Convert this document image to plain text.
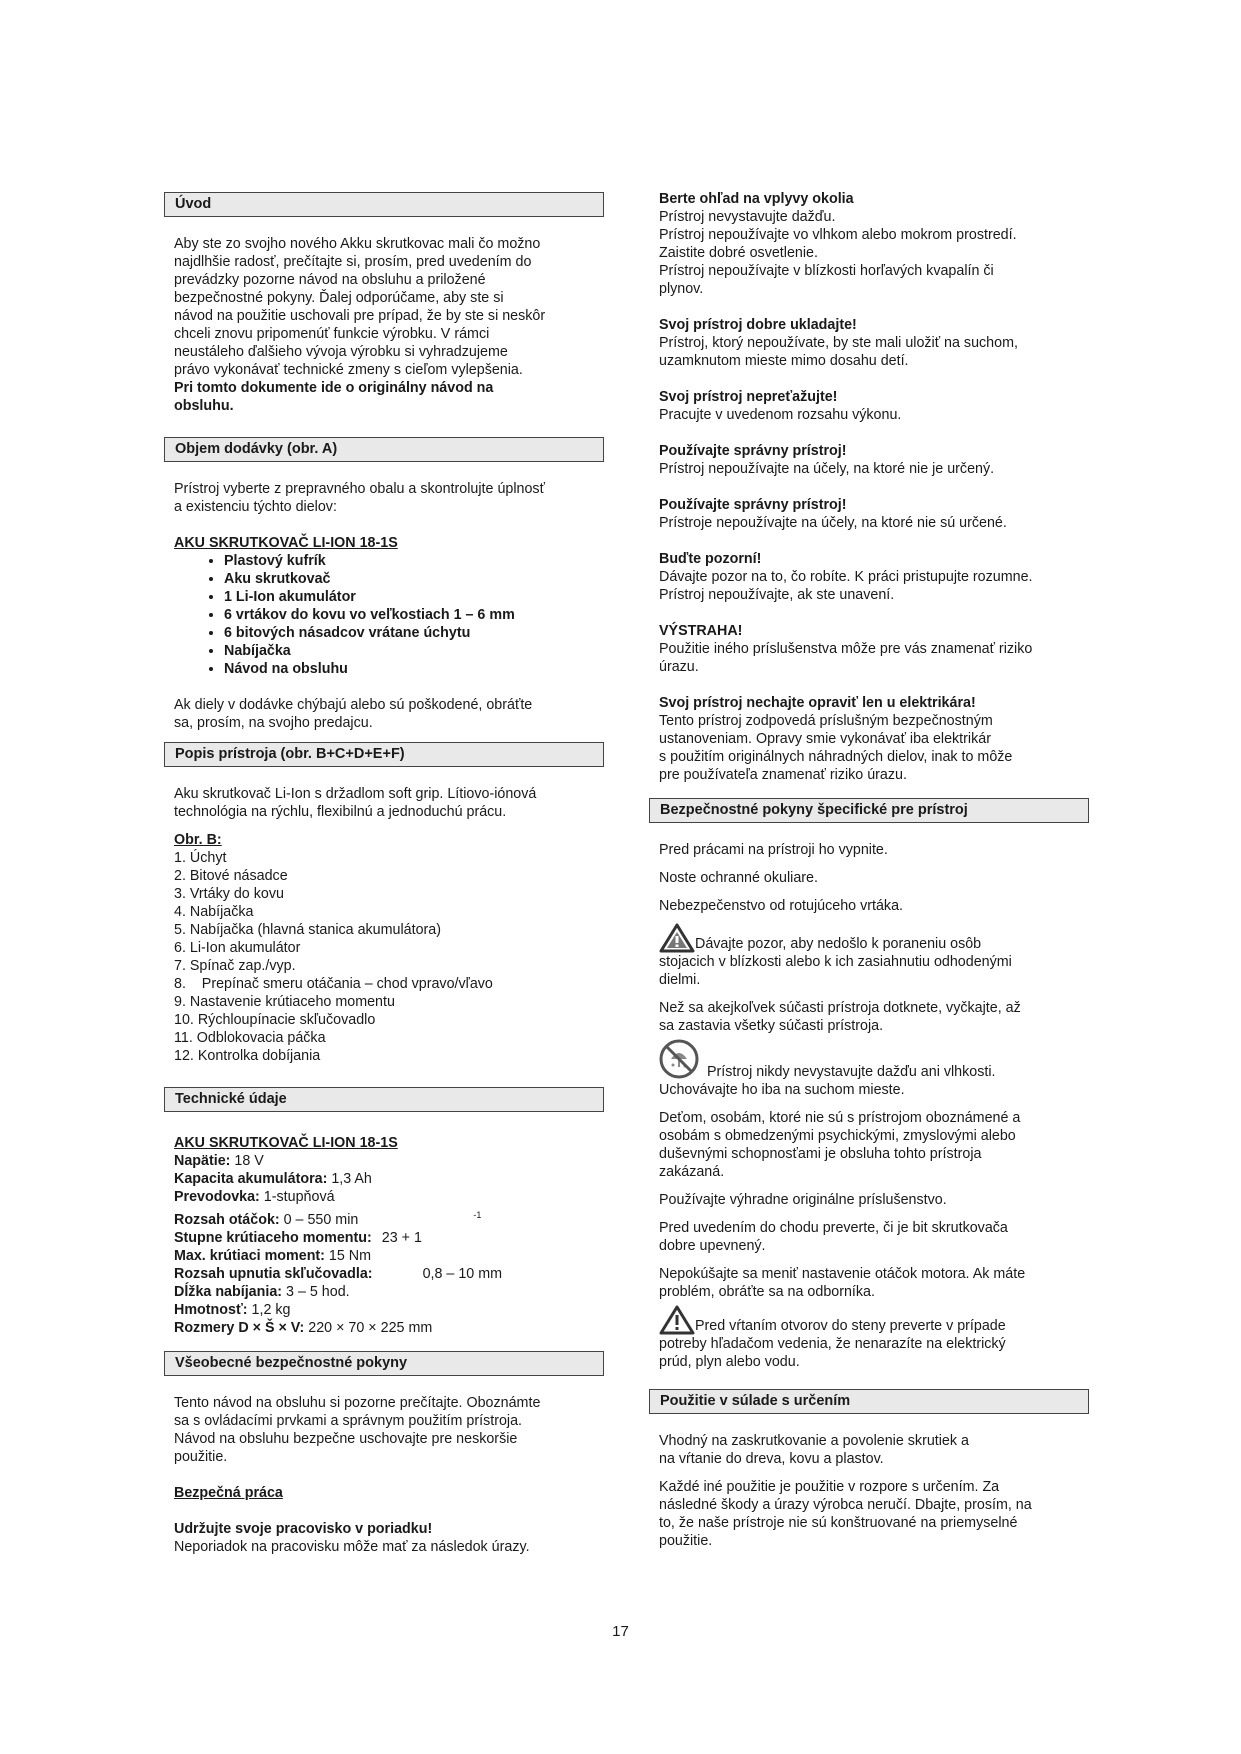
Úvod
Aby ste zo svojho nového Akku skrutkovac mali čo možno
najdlhšie radosť, prečítajte si, prosím, pred uvedením do
prevádzky pozorne návod na obsluhu a priložené
bezpečnostné pokyny. Ďalej odporúčame, aby ste si
návod na použitie uschovali pre prípad, že by ste si neskôr
chceli znovu pripomenúť funkcie výrobku. V rámci
neustáleho ďalšieho vývoja výrobku si vyhradzujeme
právo vykonávať technické zmeny s cieľom vylepšenia.
Pri tomto dokumente ide o originálny návod na
obsluhu.
Objem dodávky (obr. A)
Prístroj vyberte z prepravného obalu a skontrolujte úplnosť
a existenciu týchto dielov:
AKU SKRUTKOVAČ LI-ION 18-1S
• Plastový kufrík
• Aku skrutkovač
• 1 Li-Ion akumulátor
• 6 vrtákov do kovu vo veľkostiach 1 – 6 mm
• 6 bitových násadcov vrátane úchytu
• Nabíjačka
• Návod na obsluhu
Ak diely v dodávke chýbajú alebo sú poškodené, obráťte
sa, prosím, na svojho predajcu.
Popis prístroja (obr. B+C+D+E+F)
Aku skrutkovač Li-Ion s držadlom soft grip. Lítiovo-iónová
technológia na rýchlu, flexibilnú a jednoduchú prácu.
Obr. B:
1. Úchyt
2. Bitové násadce
3. Vrtáky do kovu
4. Nabíjačka
5. Nabíjačka (hlavná stanica akumulátora)
6. Li-Ion akumulátor
7. Spínač zap./vyp.
8.    Prepínač smeru otáčania – chod vpravo/vľavo
9. Nastavenie krútiaceho momentu
10. Rýchloupínacie skľučovadlo
11. Odblokovacia páčka
12. Kontrolka dobíjania
Technické údaje
AKU SKRUTKOVAČ LI-ION 18-1S
Napätie: 18 V
Kapacita akumulátora: 1,3 Ah
Prevodovka: 1-stupňová
Rozsah otáčok: 0 – 550 min	$^{-1}$
Stupne krútiaceho momentu: 23 + 1
Max. krútiaci moment: 15 Nm
Rozsah upnutia skľučovadla:	0,8 – 10 mm
Dĺžka nabíjania: 3 – 5 hod.
Hmotnosť: 1,2 kg
Rozmery D × Š × V: 220 × 70 × 225 mm
Všeobecné bezpečnostné pokyny
Tento návod na obsluhu si pozorne prečítajte. Oboznámte
sa s ovládacími prvkami a správnym použitím prístroja.
Návod na obsluhu bezpečne uschovajte pre neskoršie
použitie.
Bezpečná práca
Udržujte svoje pracovisko v poriadku!
Neporiadok na pracovisku môže mať za následok úrazy.
Berte ohľad na vplyvy okolia
Prístroj nevystavujte dažďu.
Prístroj nepoužívajte vo vlhkom alebo mokrom prostredí.
Zaistite dobré osvetlenie.
Prístroj nepoužívajte v blízkosti horľavých kvapalín či
plynov.
Svoj prístroj dobre ukladajte!
Prístroj, ktorý nepoužívate, by ste mali uložiť na suchom,
uzamknutom mieste mimo dosahu detí.
Svoj prístroj nepreťažujte!
Pracujte v uvedenom rozsahu výkonu.
Používajte správny prístroj!
Prístroj nepoužívajte na účely, na ktoré nie je určený.
Používajte správny prístroj!
Prístroje nepoužívajte na účely, na ktoré nie sú určené.
Buďte pozorní!
Dávajte pozor na to, čo robíte. K práci pristupujte rozumne.
Prístroj nepoužívajte, ak ste unavení.
VÝSTRAHA!
Použitie iného príslušenstva môže pre vás znamenať riziko
úrazu.
Svoj prístroj nechajte opraviť len u elektrikára!
Tento prístroj zodpovedá príslušným bezpečnostným
ustanoveniam. Opravy smie vykonávať iba elektrikár
s použitím originálnych náhradných dielov, inak to môže
pre používateľa znamenať riziko úrazu.
Bezpečnostné pokyny špecifické pre prístroj
Pred prácami na prístroji ho vypnite.
Noste ochranné okuliare.
Nebezpečenstvo od rotujúceho vrtáka.
Dávajte pozor, aby nedošlo k poraneniu osôb
stojacich v blízkosti alebo k ich zasiahnutiu odhodenými
dielmi.
Než sa akejkoľvek súčasti prístroja dotknete, vyčkajte, až
sa zastavia všetky súčasti prístroja.
Prístroj nikdy nevystavujte dažďu ani vlhkosti.
Uchovávajte ho iba na suchom mieste.
Deťom, osobám, ktoré nie sú s prístrojom oboznámené a
osobám s obmedzenými psychickými, zmyslovými alebo
duševnými schopnosťami je obsluha tohto prístroja
zakázaná.
Používajte výhradne originálne príslušenstvo.
Pred uvedením do chodu preverte, či je bit skrutkovača
dobre upevnený.
Nepokúšajte sa meniť nastavenie otáčok motora. Ak máte
problém, obráťte sa na odborníka.
Pred vŕtaním otvorov do steny preverte v prípade
potreby hľadačom vedenia, že nenarazíte na elektrický
prúd, plyn alebo vodu.
Použitie v súlade s určením
Vhodný na zaskrutkovanie a povolenie skrutiek a
na vŕtanie do dreva, kovu a plastov.
Každé iné použitie je použitie v rozpore s určením. Za
následné škody a úrazy výrobca neručí. Dbajte, prosím, na
to, že naše prístroje nie sú konštruované na priemyselné
použitie.
17
